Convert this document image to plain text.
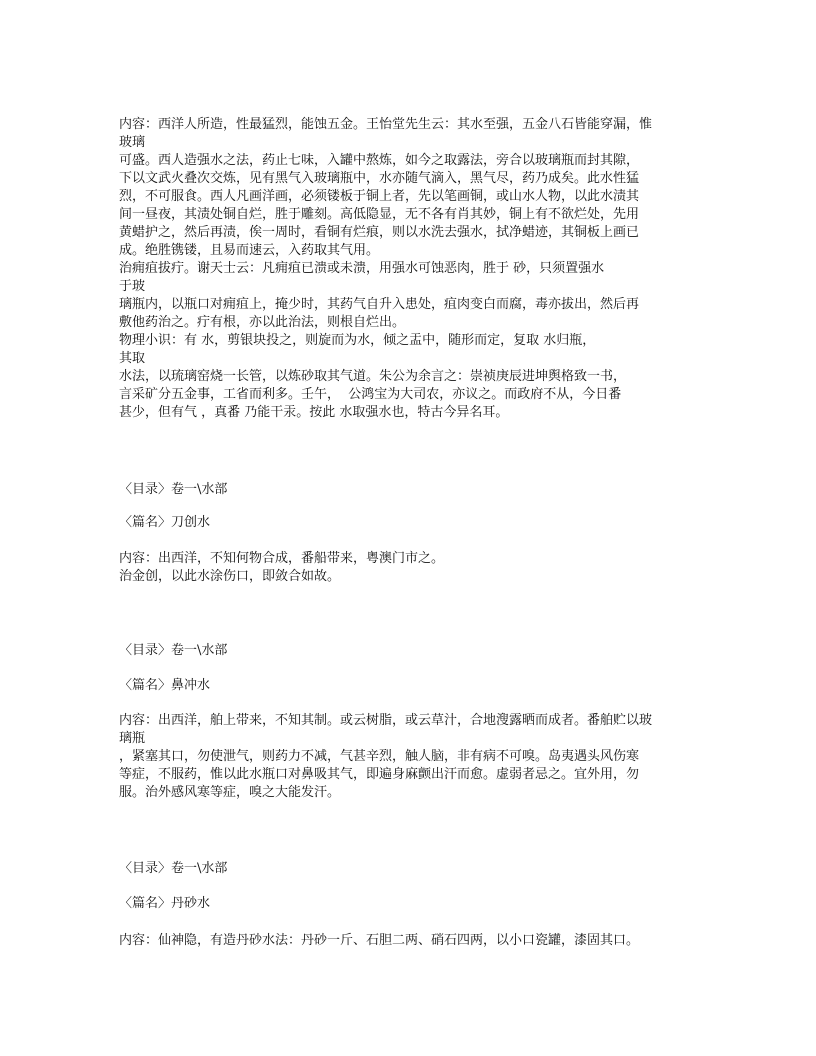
内容：西洋人所造，性最猛烈，能蚀五金。王怡堂先生云：其水至强，五金八石皆能穿漏，惟
玻璃
可盛。西人造强水之法，药止七味，入罐中熬炼，如今之取露法，旁合以玻璃瓶而封其隙，
下以文武火叠次交炼，见有黑气入玻璃瓶中，水亦随气滴入，黑气尽，药乃成矣。此水性猛
烈，不可服食。西人凡画洋画，必须镂板于铜上者，先以笔画铜，或山水人物，以此水渍其
间一昼夜，其渍处铜自烂，胜于雕刻。高低隐显，无不各有肖其妙，铜上有不欲烂处，先用
黄蜡护之，然后再渍，俟一周时，看铜有烂痕，则以水洗去强水，拭净蜡迹，其铜板上画已
成。绝胜镌镂，且易而速云，入药取其气用。
治痈疽拔疔。谢天士云：凡痈疽已溃或未溃，用强水可蚀恶肉，胜于 砂，只须置强水
于玻
璃瓶内，以瓶口对痈疽上，掩少时，其药气自升入患处，疽肉变白而腐，毒亦拔出，然后再
敷他药治之。疔有根，亦以此治法，则根自烂出。
物理小识：有 水，剪银块投之，则旋而为水，倾之盂中，随形而定，复取 水归瓶，
其取
水法，以琉璃窑烧一长管，以炼砂取其气道。朱公为余言之：崇祯庚辰进坤舆格致一书，
言采矿分五金事，工省而利多。壬午，  公鸿宝为大司农，亦议之。而政府不从，今日番
甚少，但有气 ，真番 乃能干汞。按此 水取强水也，特古今异名耳。
〈目录〉卷一\水部
〈篇名〉刀创水
内容：出西洋，不知何物合成，番船带来，粤澳门市之。
治金创，以此水涂伤口，即敛合如故。
〈目录〉卷一\水部
〈篇名〉鼻冲水
内容：出西洋，舶上带来，不知其制。或云树脂，或云草汁，合地溲露晒而成者。番舶贮以玻
璃瓶
，紧塞其口，勿使泄气，则药力不减，气甚辛烈，触人脑，非有病不可嗅。岛夷遇头风伤寒
等症，不服药，惟以此水瓶口对鼻吸其气，即遍身麻颤出汗而愈。虚弱者忌之。宜外用，勿
服。治外感风寒等症，嗅之大能发汗。
〈目录〉卷一\水部
〈篇名〉丹砂水
内容：仙神隐，有造丹砂水法：丹砂一斤、石胆二两、硝石四两，以小口瓷罐，漆固其口。
